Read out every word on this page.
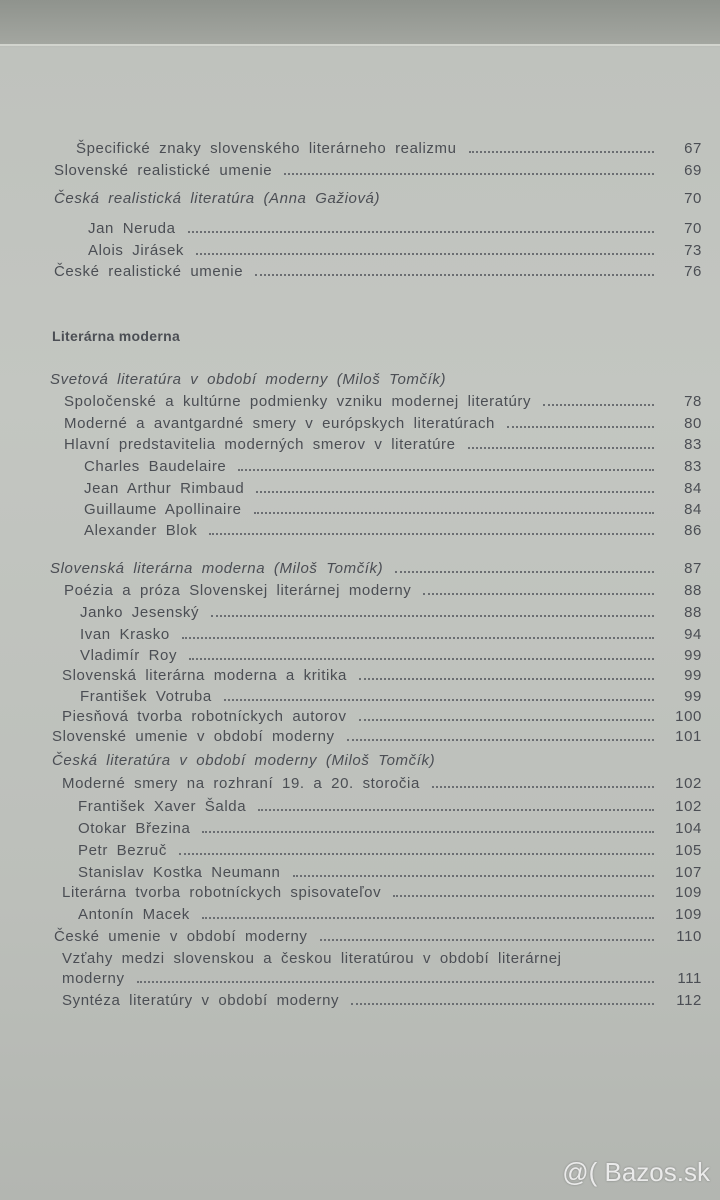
Literárna moderna
Špecifické znaky slovenského literárneho realizmu	67
Slovenské realistické umenie	69
Česká realistická literatúra (Anna Gažiová)	70
Jan Neruda	70
Alois Jirásek	73
České realistické umenie	76
Svetová literatúra v období moderny (Miloš Tomčík)
Spoločenské a kultúrne podmienky vzniku modernej literatúry	78
Moderné a avantgardné smery v európskych literatúrach	80
Hlavní predstavitelia moderných smerov v literatúre	83
Charles Baudelaire	83
Jean Arthur Rimbaud	84
Guillaume Apollinaire	84
Alexander Blok	86
Slovenská literárna moderna (Miloš Tomčík)	87
Poézia a próza Slovenskej literárnej moderny	88
Janko Jesenský	88
Ivan Krasko	94
Vladimír Roy	99
Slovenská literárna moderna a kritika	99
František Votruba	99
Piesňová tvorba robotníckych autorov	100
Slovenské umenie v období moderny	101
Česká literatúra v období moderny (Miloš Tomčík)
Moderné smery na rozhraní 19. a 20. storočia	102
František Xaver Šalda	102
Otokar Březina	104
Petr Bezruč	105
Stanislav Kostka Neumann	107
Literárna tvorba robotníckych spisovateľov	109
Antonín Macek	109
České umenie v období moderny	110
Vzťahy medzi slovenskou a českou literatúrou v období literárnej
moderny	111
Syntéza literatúry v období moderny	112
@( Bazos.sk
